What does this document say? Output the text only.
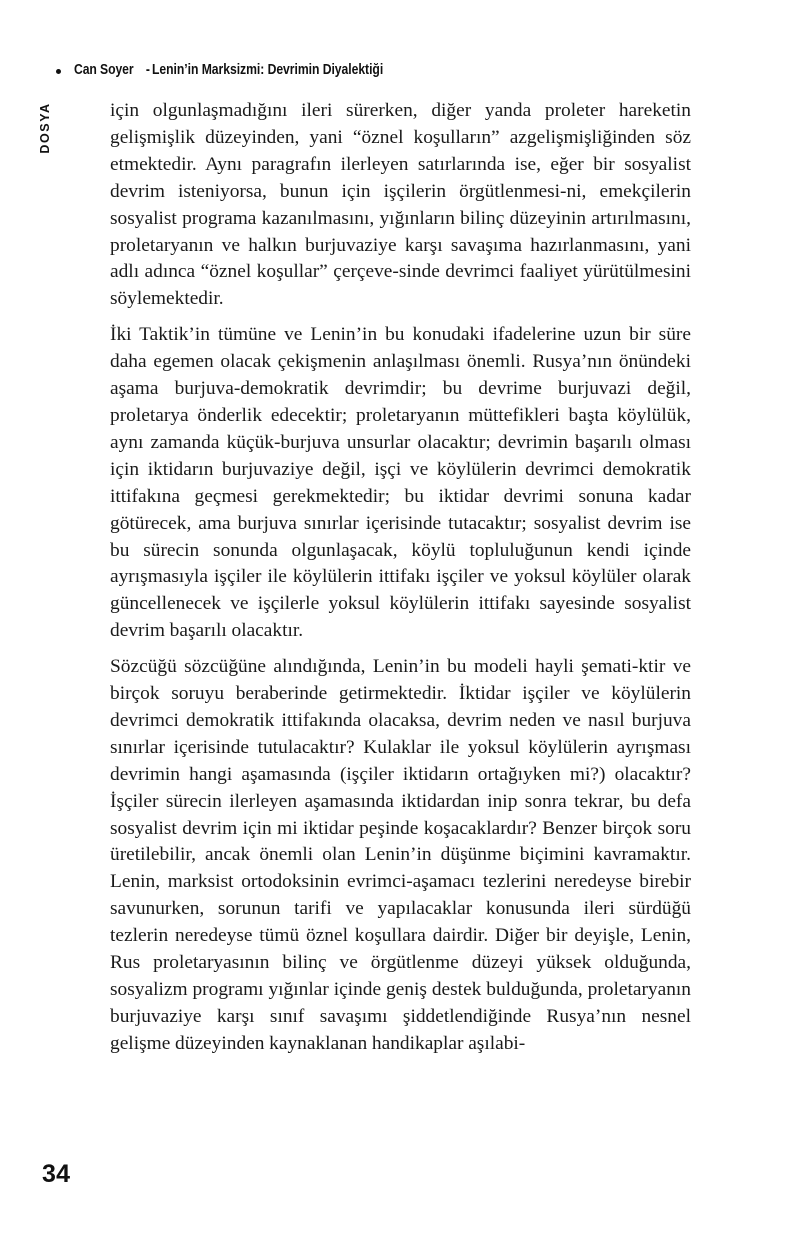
Can Soyer - Lenin’in Marksizmi: Devrimin Diyalektiği
DOSYA	için olgunlaşmadığını ileri sürerken, diğer yanda proleter hareketin gelişmişlik düzeyinden, yani “öznel koşulların” azgelişmişliğinden söz etmektedir. Aynı paragrafın ilerleyen satırlarında ise, eğer bir sosyalist devrim isteniyorsa, bunun için işçilerin örgütlenmesi-ni, emekçilerin sosyalist programa kazanılmasını, yığınların bilinç düzeyinin artırılmasını, proletaryanın ve halkın burjuvaziye karşı savaşıma hazırlanmasını, yani adlı adınca “öznel koşullar” çerçeve-sinde devrimci faaliyet yürütülmesini söylemektedir.

İki Taktik’in tümüne ve Lenin’in bu konudaki ifadelerine uzun bir süre daha egemen olacak çekişmenin anlaşılması önemli. Rusya’nın önündeki aşama burjuva-demokratik devrimdir; bu devrime burjuvazi değil, proletarya önderlik edecektir; proletaryanın müttefikleri başta köylülük, aynı zamanda küçük-burjuva unsurlar olacaktır; devrimin başarılı olması için iktidarın burjuvaziye değil, işçi ve köylülerin devrimci demokratik ittifakına geçmesi gerekmektedir; bu iktidar devrimi sonuna kadar götürecek, ama burjuva sınırlar içerisinde tutacaktır; sosyalist devrim ise bu sürecin sonunda olgunlaşacak, köylü topluluğunun kendi içinde ayrışmasıyla işçiler ile köylülerin ittifakı işçiler ve yoksul köylüler olarak güncellenecek ve işçilerle yoksul köylülerin ittifakı sayesinde sosyalist devrim başarılı olacaktır.

Sözcüğü sözcüğüne alındığında, Lenin’in bu modeli hayli şemati-ktir ve birçok soruyu beraberinde getirmektedir. İktidar işçiler ve köylülerin devrimci demokratik ittifakında olacaksa, devrim neden ve nasıl burjuva sınırlar içerisinde tutulacaktır? Kulaklar ile yoksul köylülerin ayrışması devrimin hangi aşamasında (işçiler iktidarın ortağıyken mi?) olacaktır? İşçiler sürecin ilerleyen aşamasında iktidardan inip sonra tekrar, bu defa sosyalist devrim için mi iktidar peşinde koşacaklardır? Benzer birçok soru üretilebilir, ancak önemli olan Lenin’in düşünme biçimini kavramaktır. Lenin, marksist ortodoksinin evrimci-aşamacı tezlerini neredeyse birebir savunurken, sorunun tarifi ve yapılacaklar konusunda ileri sürdüğü tezlerin neredeyse tümü öznel koşullara dairdir. Diğer bir deyişle, Lenin, Rus proletaryasının bilinç ve örgütlenme düzeyi yüksek olduğunda, sosyalizm programı yığınlar içinde geniş destek bulduğunda, proletaryanın burjuvaziye karşı sınıf savaşımı şiddetlendiğinde Rusya’nın nesnel gelişme düzeyinden kaynaklanan handikaplar aşılabi-

34
